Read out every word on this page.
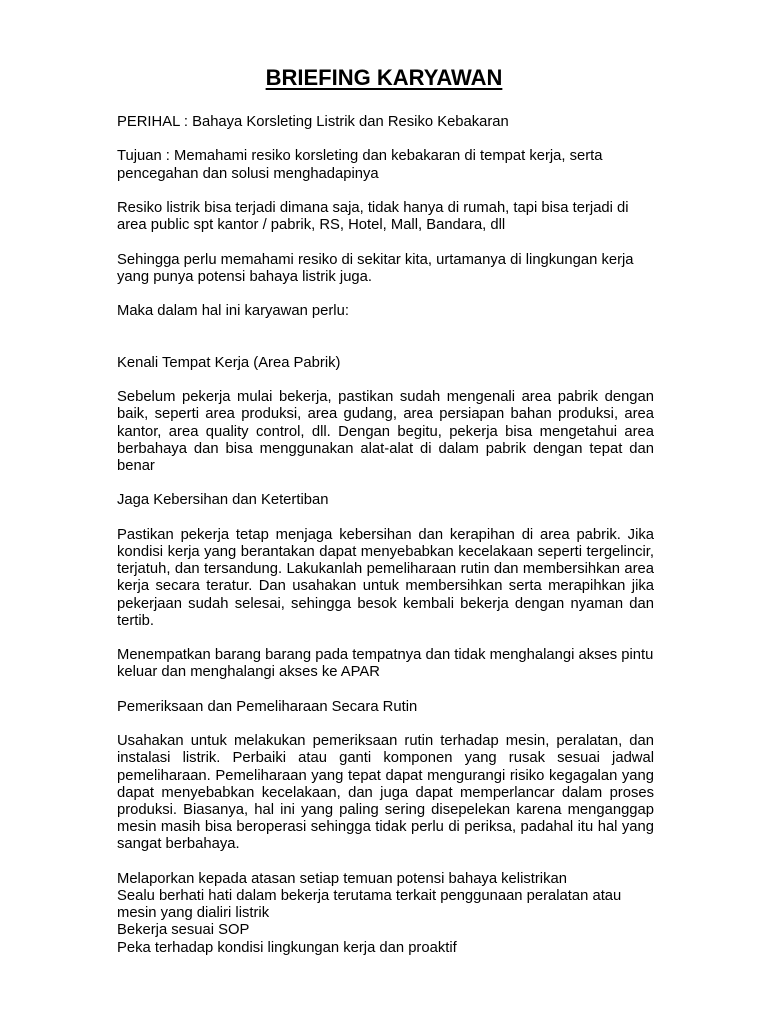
BRIEFING KARYAWAN

PERIHAL : Bahaya Korsleting Listrik dan Resiko Kebakaran

Tujuan : Memahami resiko korsleting dan kebakaran di tempat kerja, serta pencegahan dan solusi menghadapinya

Resiko listrik bisa terjadi dimana saja, tidak hanya di rumah, tapi bisa terjadi di area public spt kantor / pabrik, RS, Hotel, Mall, Bandara, dll

Sehingga perlu memahami resiko di sekitar kita, urtamanya di lingkungan kerja yang punya potensi bahaya listrik juga.

Maka dalam hal ini karyawan perlu:

Kenali Tempat Kerja (Area Pabrik)

Sebelum pekerja mulai bekerja, pastikan sudah mengenali area pabrik dengan baik, seperti area produksi, area gudang, area persiapan bahan produksi, area kantor, area quality control, dll. Dengan begitu, pekerja bisa mengetahui area berbahaya dan bisa menggunakan alat-alat di dalam pabrik dengan tepat dan benar

Jaga Kebersihan dan Ketertiban

Pastikan pekerja tetap menjaga kebersihan dan kerapihan di area pabrik. Jika kondisi kerja yang berantakan dapat menyebabkan kecelakaan seperti tergelincir, terjatuh, dan tersandung. Lakukanlah pemeliharaan rutin dan membersihkan area kerja secara teratur. Dan usahakan untuk membersihkan serta merapihkan jika pekerjaan sudah selesai, sehingga besok kembali bekerja dengan nyaman dan tertib.

Menempatkan barang barang pada tempatnya dan tidak menghalangi akses pintu keluar dan menghalangi akses ke APAR

Pemeriksaan dan Pemeliharaan Secara Rutin

Usahakan untuk melakukan pemeriksaan rutin terhadap mesin, peralatan, dan instalasi listrik. Perbaiki atau ganti komponen yang rusak sesuai jadwal pemeliharaan. Pemeliharaan yang tepat dapat mengurangi risiko kegagalan yang dapat menyebabkan kecelakaan, dan juga dapat memperlancar dalam proses produksi. Biasanya, hal ini yang paling sering disepelekan karena menganggap mesin masih bisa beroperasi sehingga tidak perlu di periksa, padahal itu hal yang sangat berbahaya.

Melaporkan kepada atasan setiap temuan potensi bahaya kelistrikan

Sealu berhati hati dalam bekerja terutama terkait penggunaan peralatan atau mesin yang dialiri listrik

Bekerja sesuai SOP

Peka terhadap kondisi lingkungan kerja dan proaktif
